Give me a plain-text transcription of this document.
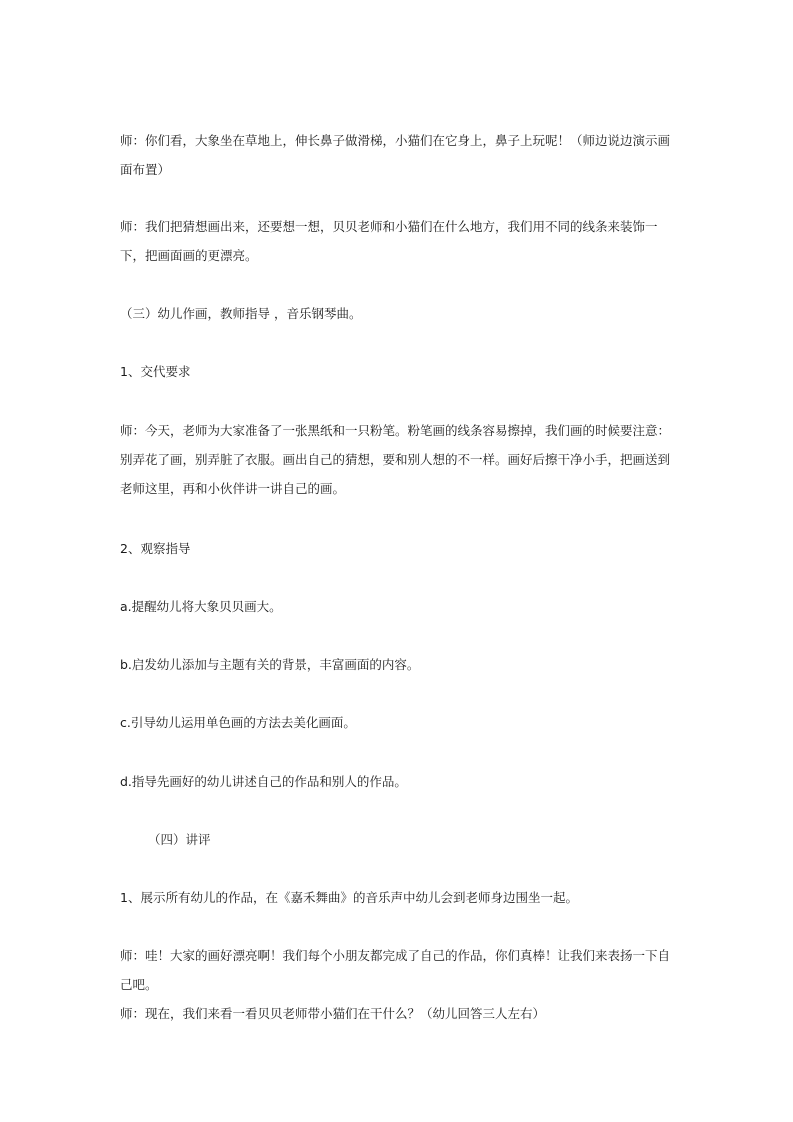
师：你们看，大象坐在草地上，伸长鼻子做滑梯，小猫们在它身上，鼻子上玩呢！（师边说边演示画面布置）

师：我们把猜想画出来，还要想一想，贝贝老师和小猫们在什么地方，我们用不同的线条来装饰一下，把画面画的更漂亮。

（三）幼儿作画，教师指导 ，音乐钢琴曲。

1、交代要求

师：今天，老师为大家准备了一张黑纸和一只粉笔。粉笔画的线条容易擦掉，我们画的时候要注意：别弄花了画，别弄脏了衣服。画出自己的猜想，要和别人想的不一样。画好后擦干净小手，把画送到老师这里，再和小伙伴讲一讲自己的画。

2、观察指导

a.提醒幼儿将大象贝贝画大。

b.启发幼儿添加与主题有关的背景，丰富画面的内容。

c.引导幼儿运用单色画的方法去美化画面。

d.指导先画好的幼儿讲述自己的作品和别人的作品。

（四）讲评

1、展示所有幼儿的作品，在《嘉禾舞曲》的音乐声中幼儿会到老师身边围坐一起。

师：哇！大家的画好漂亮啊！我们每个小朋友都完成了自己的作品，你们真棒！让我们来表扬一下自己吧。

师：现在，我们来看一看贝贝老师带小猫们在干什么？（幼儿回答三人左右）
